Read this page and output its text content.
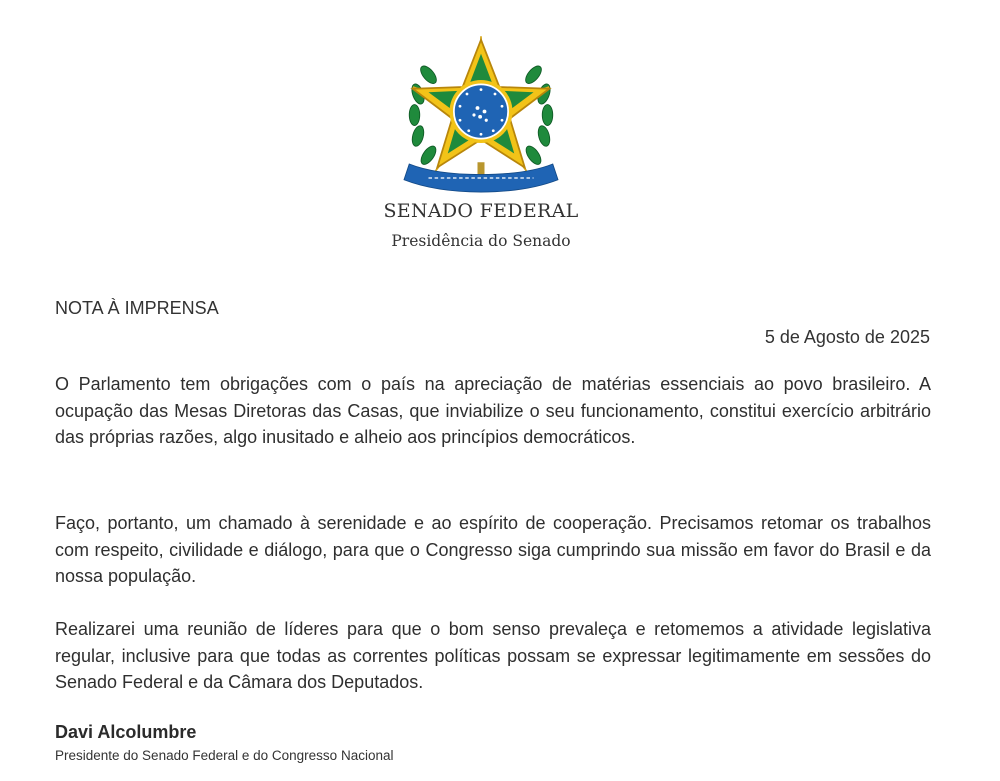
SENADO FEDERAL
Presidência do Senado
NOTA À IMPRENSA
5 de Agosto de 2025

O Parlamento tem obrigações com o país na apreciação de matérias essenciais ao povo brasileiro. A ocupação das Mesas Diretoras das Casas, que inviabilize o seu funcionamento, constitui exercício arbitrário das próprias razões, algo inusitado e alheio aos princípios democráticos.

Faço, portanto, um chamado à serenidade e ao espírito de cooperação. Precisamos retomar os trabalhos com respeito, civilidade e diálogo, para que o Congresso siga cumprindo sua missão em favor do Brasil e da nossa população.

Realizarei uma reunião de líderes para que o bom senso prevaleça e retomemos a atividade legislativa regular, inclusive para que todas as correntes políticas possam se expressar legitimamente em sessões do Senado Federal e da Câmara dos Deputados.

Davi Alcolumbre
Presidente do Senado Federal e do Congresso Nacional
